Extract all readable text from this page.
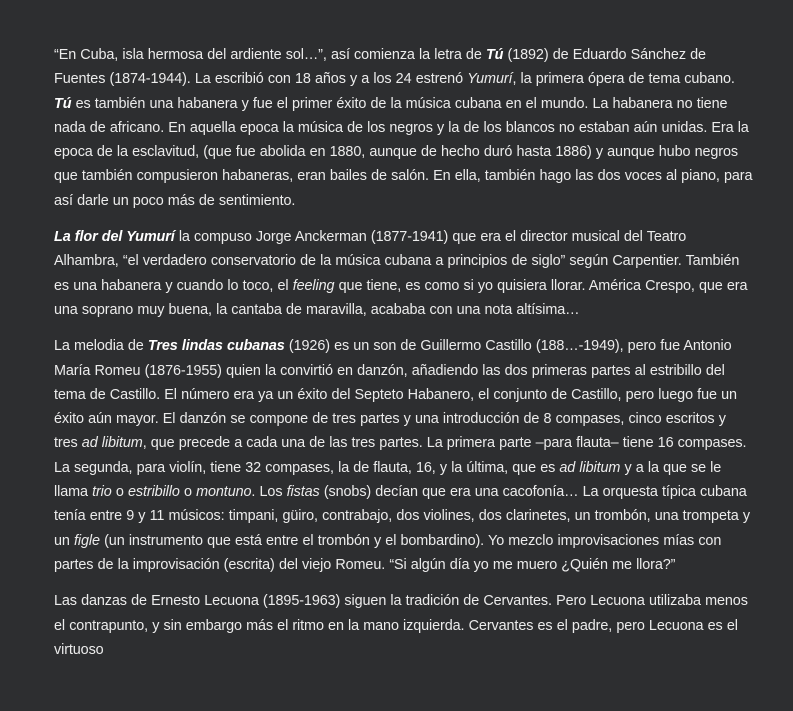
“En Cuba, isla hermosa del ardiente sol…”, así comienza la letra de Tú (1892) de Eduardo Sánchez de Fuentes (1874-1944). La escribió con 18 años y a los 24 estrenó Yumurí, la primera ópera de tema cubano. Tú es también una habanera y fue el primer éxito de la música cubana en el mundo. La habanera no tiene nada de africano. En aquella epoca la música de los negros y la de los blancos no estaban aún unidas. Era la epoca de la esclavitud, (que fue abolida en 1880, aunque de hecho duró hasta 1886) y aunque hubo negros que también compusieron habaneras, eran bailes de salón. En ella, también hago las dos voces al piano, para así darle un poco más de sentimiento.

La flor del Yumurí la compuso Jorge Anckerman (1877-1941) que era el director musical del Teatro Alhambra, “el verdadero conservatorio de la música cubana a principios de siglo” según Carpentier. También es una habanera y cuando lo toco, el feeling que tiene, es como si yo quisiera llorar. América Crespo, que era una soprano muy buena, la cantaba de maravilla, acababa con una nota altísima…

La melodia de Tres lindas cubanas (1926) es un son de Guillermo Castillo (188…-1949), pero fue Antonio María Romeu (1876-1955) quien la convirtió en danzón, añadiendo las dos primeras partes al estribillo del tema de Castillo. El número era ya un éxito del Septeto Habanero, el conjunto de Castillo, pero luego fue un éxito aún mayor. El danzón se compone de tres partes y una introducción de 8 compases, cinco escritos y tres ad libitum, que precede a cada una de las tres partes. La primera parte –para flauta– tiene 16 compases. La segunda, para violín, tiene 32 compases, la de flauta, 16, y la última, que es ad libitum y a la que se le llama trio o estribillo o montuno. Los fistas (snobs) decían que era una cacofonía… La orquesta típica cubana tenía entre 9 y 11 músicos: timpani, güiro, contrabajo, dos violines, dos clarinetes, un trombón, una trompeta y un figle (un instrumento que está entre el trombón y el bombardino). Yo mezclo improvisaciones mías con partes de la improvisación (escrita) del viejo Romeu. “Si algún día yo me muero ¿Quién me llora?”

Las danzas de Ernesto Lecuona (1895-1963) siguen la tradición de Cervantes. Pero Lecuona utilizaba menos el contrapunto, y sin embargo más el ritmo en la mano izquierda. Cervantes es el padre, pero Lecuona es el virtuoso
